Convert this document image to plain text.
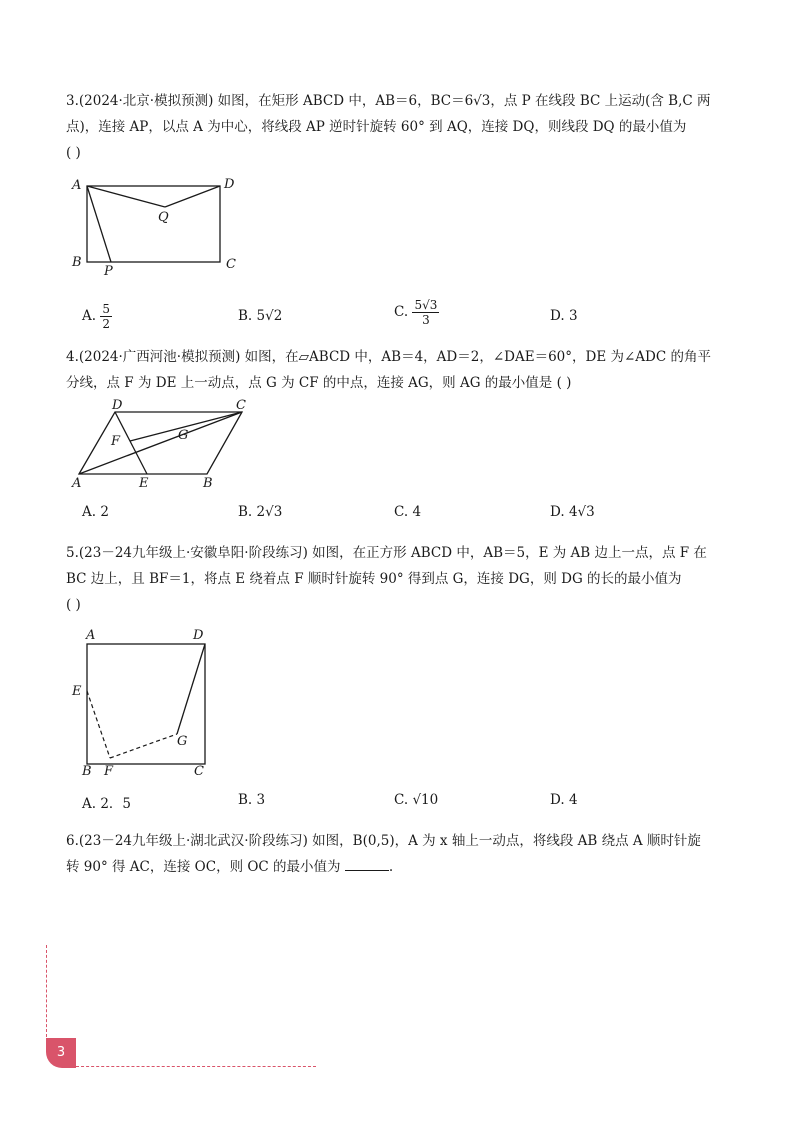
3.(2024·北京·模拟预测) 如图，在矩形 ABCD 中，AB＝6，BC＝6√3，点 P 在线段 BC 上运动(含 B,C 两

点)，连接 AP，以点 A 为中心，将线段 AP 逆时针旋转 60° 到 AQ，连接 DQ，则线段 DQ 的最小值为

( )

A	D
B	C
P
Q
A. $\frac{5}{2}$	B. 5√2	C. $\frac{5√3}{3}$	D. 3

4.(2024·广西河池·模拟预测) 如图，在▱ABCD 中，AB＝4，AD＝2，∠DAE＝60°，DE 为∠ADC 的角平

分线，点 F 为 DE 上一动点，点 G 为 CF 的中点，连接 AG，则 AG 的最小值是 ( )

D	C
A	E	B
F	G
A. 2	B. 2√3	C. 4	D. 4√3

5.(23－24九年级上·安徽阜阳·阶段练习) 如图，在正方形 ABCD 中，AB＝5，E 为 AB 边上一点，点 F 在

BC 边上，且 BF＝1，将点 E 绕着点 F 顺时针旋转 90° 得到点 G，连接 DG，则 DG 的长的最小值为

( )

A	D
E
B F	C
G
A. 2．5	B. 3	C. √10	D. 4

6.(23－24九年级上·湖北武汉·阶段练习) 如图，B(0,5)，A 为 x 轴上一动点，将线段 AB 绕点 A 顺时针旋

转 90° 得 AC，连接 OC，则 OC 的最小值为	.

3
